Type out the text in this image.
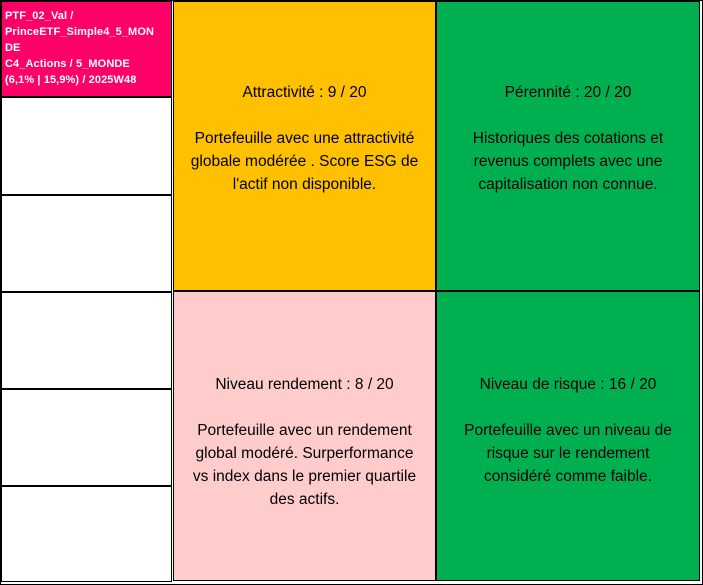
PTF_02_Val /
PrinceETF_Simple4_5_MON
DE
C4_Actions / 5_MONDE
(6,1% | 15,9%) / 2025W48
Attractivité : 9 / 20
Portefeuille avec une attractivité
globale modérée . Score ESG de
l'actif non disponible.
Pérennité : 20 / 20
Historiques des cotations et
revenus complets avec une
capitalisation non connue.
Niveau rendement : 8 / 20
Portefeuille avec un rendement
global modéré. Surperformance
vs index dans le premier quartile
des actifs.
Niveau de risque : 16 / 20
Portefeuille avec un niveau de
risque sur le rendement
considéré comme faible.
